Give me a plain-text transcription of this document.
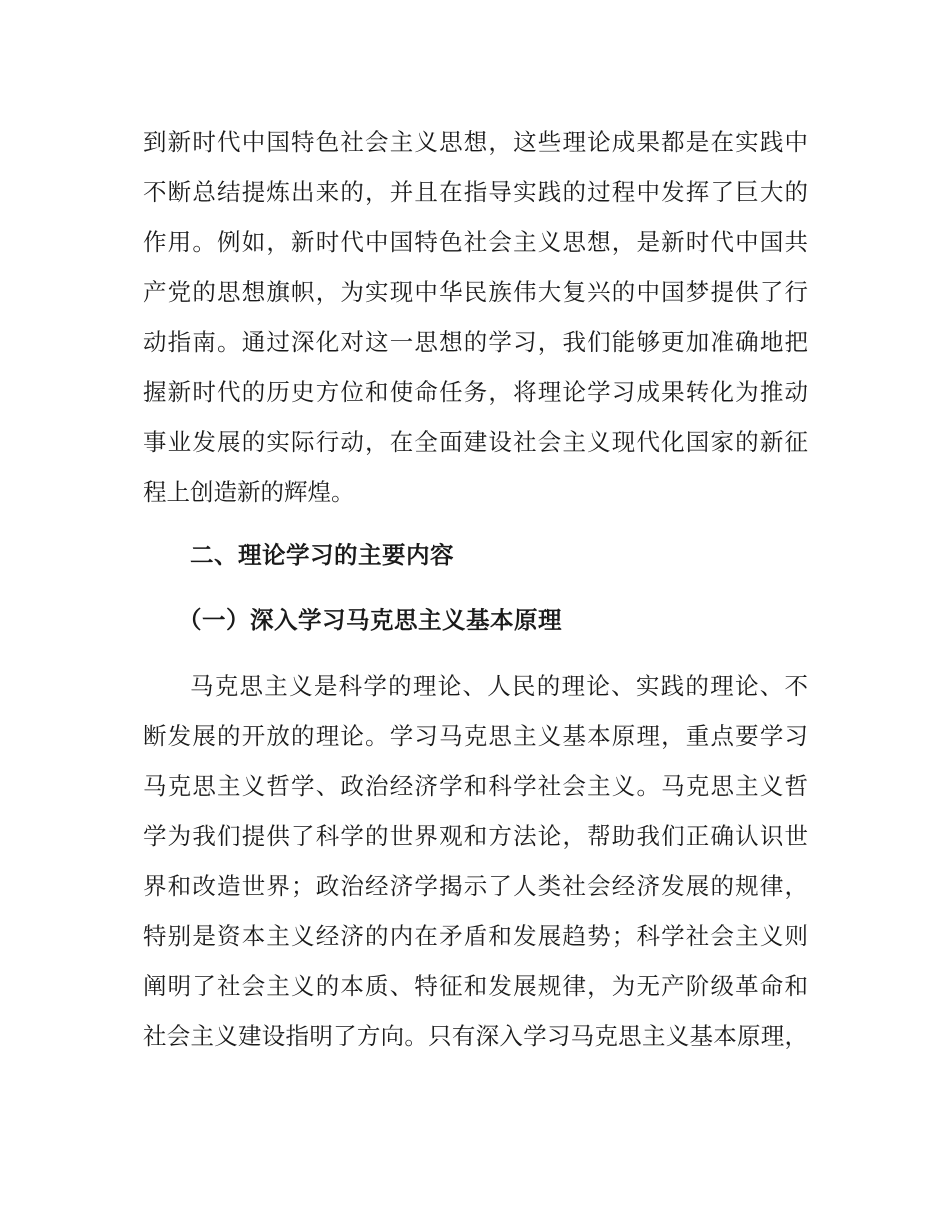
到新时代中国特色社会主义思想，这些理论成果都是在实践中
不断总结提炼出来的，并且在指导实践的过程中发挥了巨大的
作用。例如，新时代中国特色社会主义思想，是新时代中国共
产党的思想旗帜，为实现中华民族伟大复兴的中国梦提供了行
动指南。通过深化对这一思想的学习，我们能够更加准确地把
握新时代的历史方位和使命任务，将理论学习成果转化为推动
事业发展的实际行动，在全面建设社会主义现代化国家的新征
程上创造新的辉煌。
二、理论学习的主要内容
（一）深入学习马克思主义基本原理
马克思主义是科学的理论、人民的理论、实践的理论、不
断发展的开放的理论。学习马克思主义基本原理，重点要学习
马克思主义哲学、政治经济学和科学社会主义。马克思主义哲
学为我们提供了科学的世界观和方法论，帮助我们正确认识世
界和改造世界；政治经济学揭示了人类社会经济发展的规律，
特别是资本主义经济的内在矛盾和发展趋势；科学社会主义则
阐明了社会主义的本质、特征和发展规律，为无产阶级革命和
社会主义建设指明了方向。只有深入学习马克思主义基本原理，
